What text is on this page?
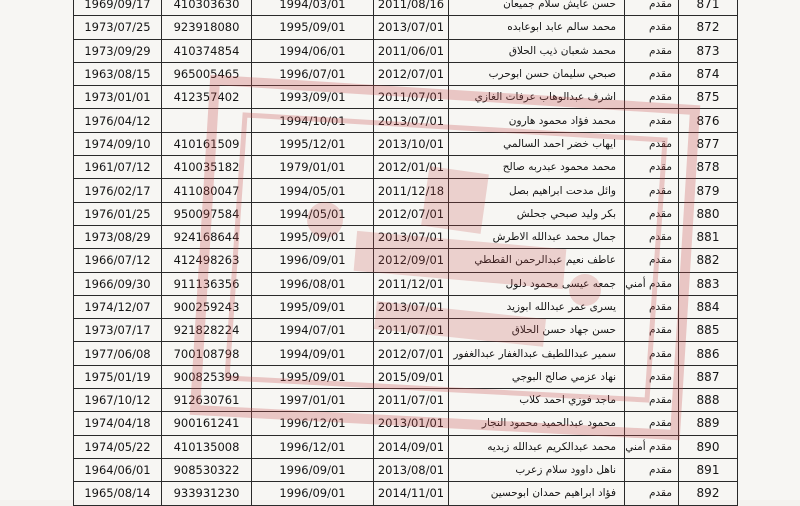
1969/09/17	410303630	1994/03/01	2011/08/16	حسن عايش سلام جميعان	مقدم	871
1973/07/25	923918080	1995/09/01	2013/07/01	محمد سالم عابد ابوعابده	مقدم	872
1973/09/29	410374854	1994/06/01	2011/06/01	محمد شعبان ذيب الحلاق	مقدم	873
1963/08/15	965005465	1996/07/01	2012/07/01	صبحي سليمان حسن ابوحرب	مقدم	874
1973/01/01	412357402	1993/09/01	2011/07/01	اشرف عبدالوهاب عرفات الغازي	مقدم	875
1976/04/12		1994/10/01	2013/07/01	محمد فؤاد محمود هارون	مقدم	876
1974/09/10	410161509	1995/12/01	2013/10/01	ايهاب خضر احمد السالمي	مقدم	877
1961/07/12	410035182	1979/01/01	2012/01/01	محمد محمود عبدربه صالح	مقدم	878
1976/02/17	411080047	1994/05/01	2011/12/18	وائل مدحت ابراهيم بصل	مقدم	879
1976/01/25	950097584	1994/05/01	2012/07/01	بكر وليد صبحي جحلش	مقدم	880
1973/08/29	924168644	1995/09/01	2013/07/01	جمال محمد عبدالله الاطرش	مقدم	881
1966/07/12	412498263	1996/09/01	2012/09/01	عاطف نعيم عبدالرحمن القططي	مقدم	882
1966/09/30	911136356	1996/08/01	2011/12/01	جمعه عيسى محمود دلول	مقدم أمني	883
1974/12/07	900259243	1995/09/01	2013/07/01	يسرى عمر عبدالله ابوزيد	مقدم	884
1973/07/17	921828224	1994/07/01	2011/07/01	حسن جهاد حسن الحلاق	مقدم	885
1977/06/08	700108798	1994/09/01	2012/07/01	سمير عبداللطيف عبدالغفار عبدالغفور	مقدم	886
1975/01/19	900825399	1995/09/01	2015/09/01	نهاد عزمي صالح البوجي	مقدم	887
1967/10/12	912630761	1997/01/01	2011/07/01	ماجد فوزي احمد كلاب	مقدم	888
1974/04/18	900161241	1996/12/01	2013/01/01	محمود عبدالحميد محمود النجار	مقدم	889
1974/05/22	410135008	1996/12/01	2014/09/01	محمد عبدالكريم عبدالله زبديه	مقدم أمني	890
1964/06/01	908530322	1996/09/01	2013/08/01	ناهل داوود سلام زعرب	مقدم	891
1965/08/14	933931230	1996/09/01	2014/11/01	فؤاد ابراهيم حمدان ابوحسين	مقدم	892
